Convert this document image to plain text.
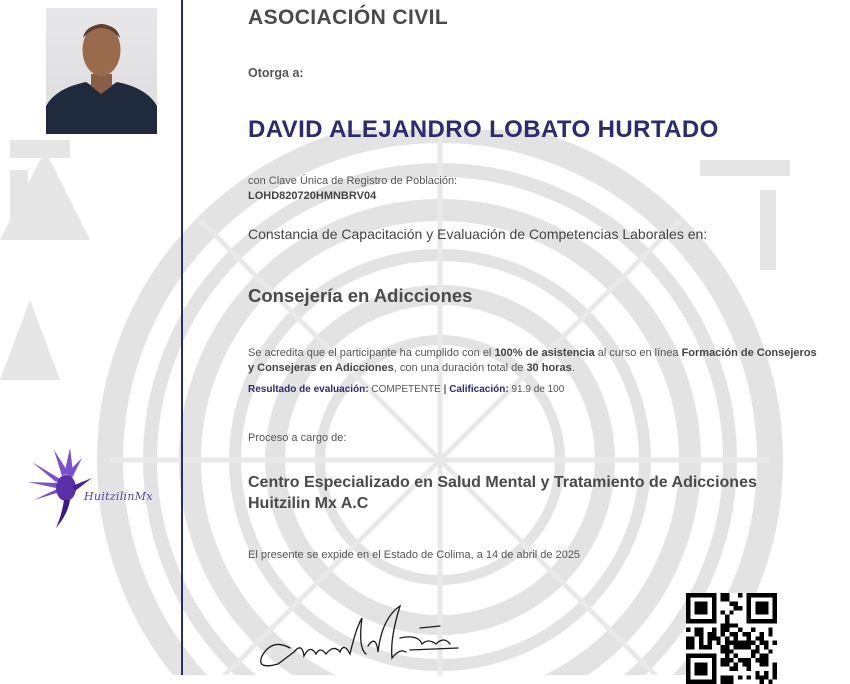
HuitzilinMx
ASOCIACIÓN CIVIL
Otorga a:
DAVID ALEJANDRO LOBATO HURTADO
con Clave Única de Registro de Población:
LOHD820720HMNBRV04
Constancia de Capacitación y Evaluación de Competencias Laborales en:
Consejería en Adicciones
Se acredita que el participante ha cumplido con el 100% de asistencia al curso en línea Formación de Consejeros y Consejeras en Adicciones, con una duración total de 30 horas.
Resultado de evaluación: COMPETENTE | Calificación: 91.9 de 100
Proceso a cargo de:
Centro Especializado en Salud Mental y Tratamiento de Adicciones Huitzilin Mx A.C
El presente se expide en el Estado de Colima, a 14 de abril de 2025
